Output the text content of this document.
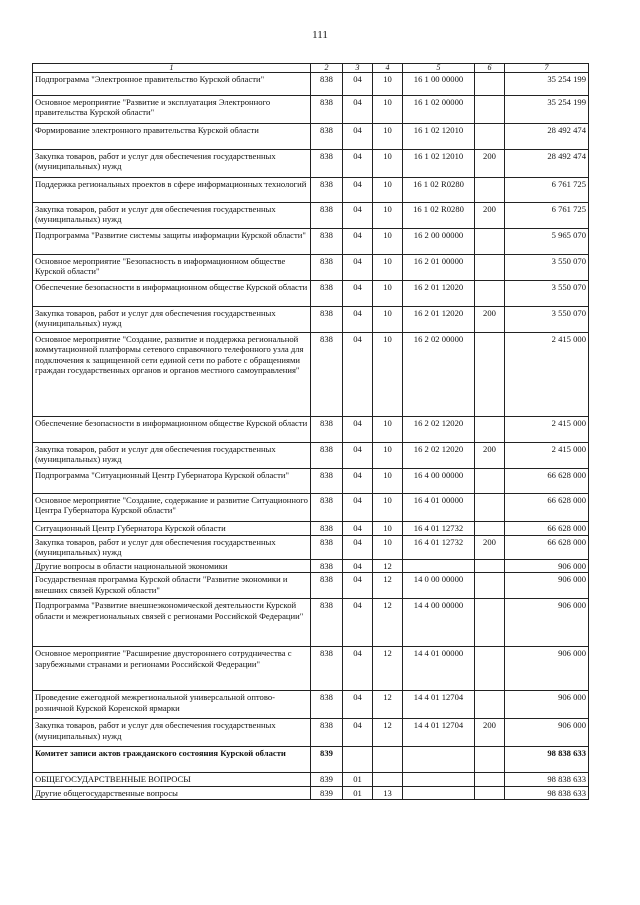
111
1	2	3	4	5	6	7
Подпрограмма "Электронное правительство Курской области"	838	04	10	16 1 00 00000		35 254 199
Основное мероприятие "Развитие и эксплуатация Электронного правительства Курской области"	838	04	10	16 1 02 00000		35 254 199
Формирование электронного правительства Курской области	838	04	10	16 1 02 12010		28 492 474
Закупка товаров, работ и услуг для обеспечения государственных (муниципальных) нужд	838	04	10	16 1 02 12010	200	28 492 474
Поддержка региональных проектов в сфере информационных технологий	838	04	10	16 1 02 R0280		6 761 725
Закупка товаров, работ и услуг для обеспечения государственных (муниципальных) нужд	838	04	10	16 1 02 R0280	200	6 761 725
Подпрограмма "Развитие системы защиты информации Курской области"	838	04	10	16 2 00 00000		5 965 070
Основное мероприятие "Безопасность в информационном обществе Курской области"	838	04	10	16 2 01 00000		3 550 070
Обеспечение безопасности в информационном обществе Курской области	838	04	10	16 2 01 12020		3 550 070
Закупка товаров, работ и услуг для обеспечения государственных (муниципальных) нужд	838	04	10	16 2 01 12020	200	3 550 070
Основное мероприятие "Создание, развитие и поддержка региональной коммутационной платформы сетевого справочного телефонного узла для подключения к защищенной сети единой сети по работе с обращениями граждан государственных органов и органов местного самоуправления"	838	04	10	16 2 02 00000		2 415 000
Обеспечение безопасности в информационном обществе Курской области	838	04	10	16 2 02 12020		2 415 000
Закупка товаров, работ и услуг для обеспечения государственных (муниципальных) нужд	838	04	10	16 2 02 12020	200	2 415 000
Подпрограмма "Ситуационный Центр Губернатора Курской области"	838	04	10	16 4 00 00000		66 628 000
Основное мероприятие "Создание, содержание и развитие Ситуационного Центра Губернатора Курской области"	838	04	10	16 4 01 00000		66 628 000
Ситуационный Центр Губернатора Курской области	838	04	10	16 4 01 12732		66 628 000
Закупка товаров, работ и услуг для обеспечения государственных (муниципальных) нужд	838	04	10	16 4 01 12732	200	66 628 000
Другие вопросы в области национальной экономики	838	04	12			906 000
Государственная программа Курской области "Развитие экономики и внешних связей Курской области"	838	04	12	14 0 00 00000		906 000
Подпрограмма "Развитие внешнеэкономической деятельности Курской области и межрегиональных связей с регионами Российской Федерации"	838	04	12	14 4 00 00000		906 000
Основное мероприятие "Расширение двустороннего сотрудничества с зарубежными странами и регионами Российской Федерации"	838	04	12	14 4 01 00000		906 000
Проведение ежегодной межрегиональной универсальной оптово-розничной Курской Коренской ярмарки	838	04	12	14 4 01 12704		906 000
Закупка товаров, работ и услуг для обеспечения государственных (муниципальных) нужд	838	04	12	14 4 01 12704	200	906 000
Комитет записи актов гражданского состояния Курской области	839					98 838 633
ОБЩЕГОСУДАРСТВЕННЫЕ ВОПРОСЫ	839	01				98 838 633
Другие общегосударственные вопросы	839	01	13			98 838 633
